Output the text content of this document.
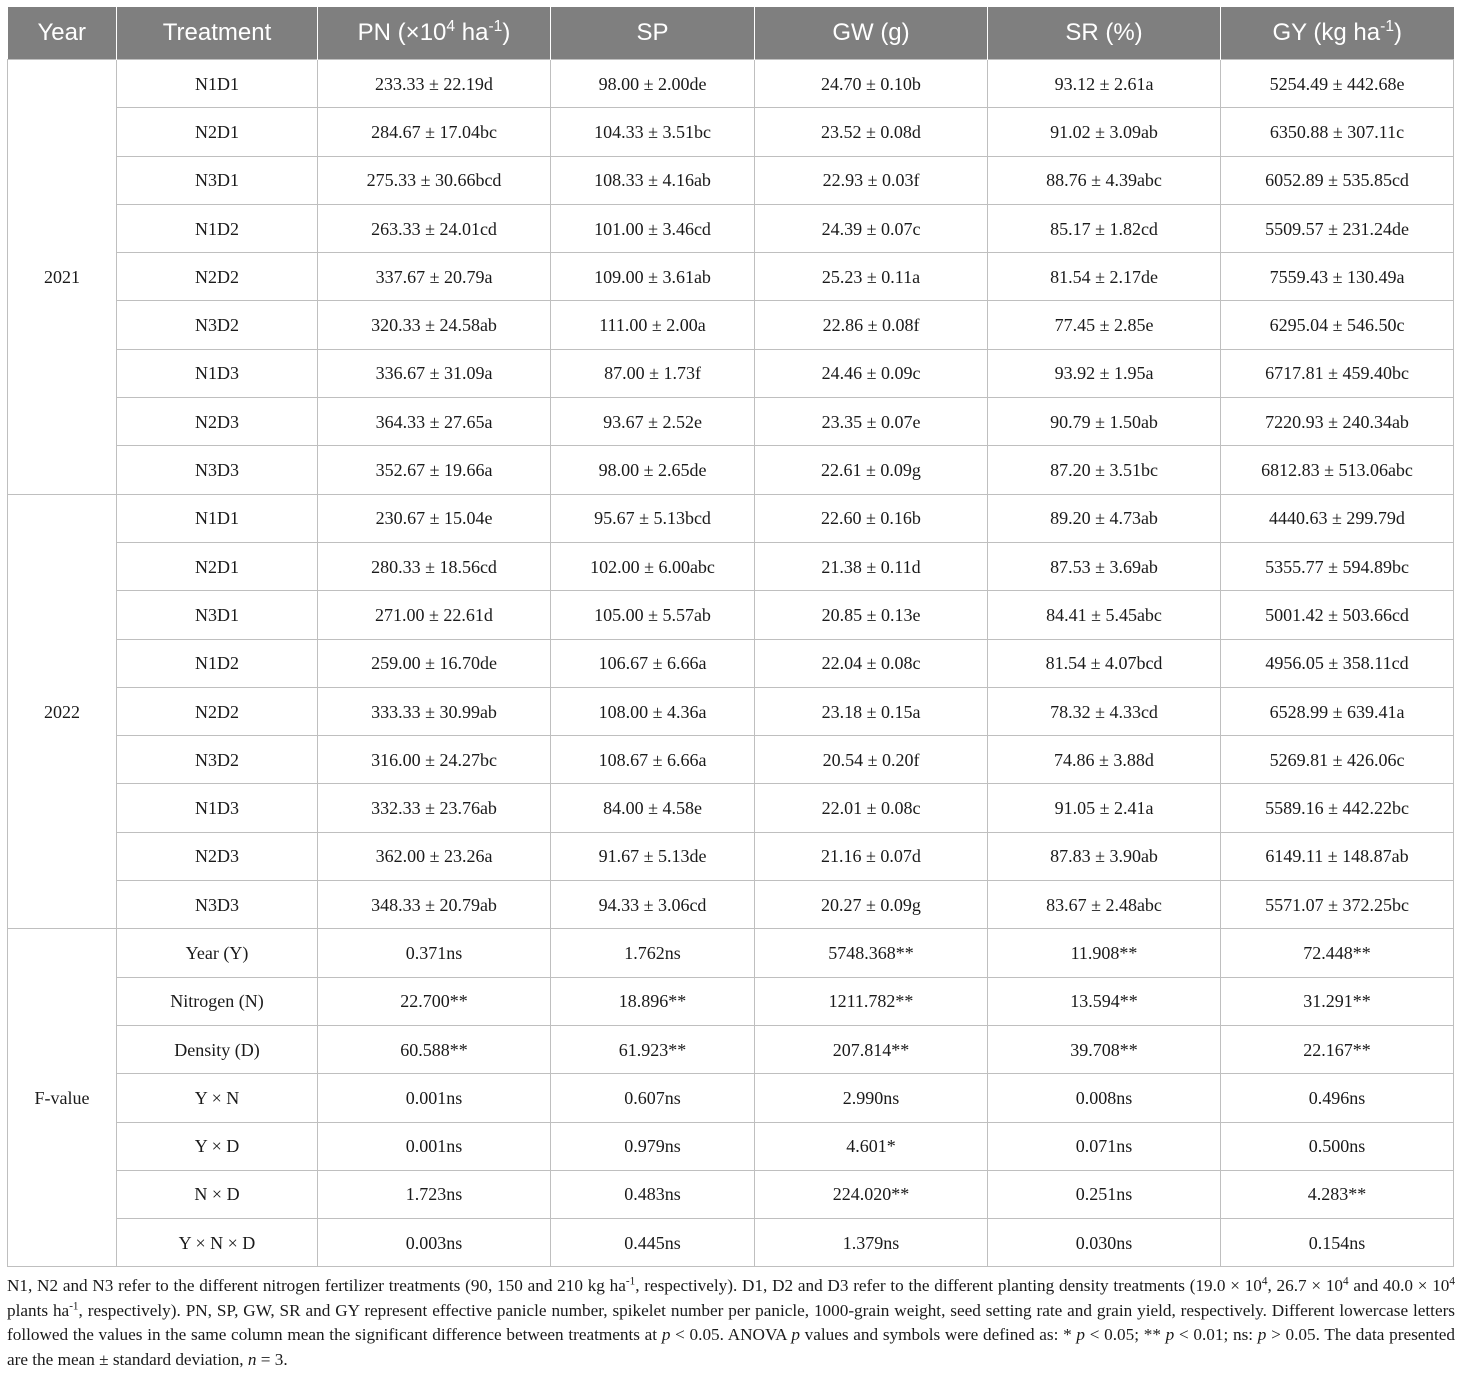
Year	Treatment	PN ($\times 10^4$ $ha^{-1}$)	SP	GW (g)	SR (%)	GY (kg $ha^{-1}$)
2021	N1D1	233.33 ± 22.19d	98.00 ± 2.00de	24.70 ± 0.10b	93.12 ± 2.61a	5254.49 ± 442.68e
	N2D1	284.67 ± 17.04bc	104.33 ± 3.51bc	23.52 ± 0.08d	91.02 ± 3.09ab	6350.88 ± 307.11c
	N3D1	275.33 ± 30.66bcd	108.33 ± 4.16ab	22.93 ± 0.03f	88.76 ± 4.39abc	6052.89 ± 535.85cd
	N1D2	263.33 ± 24.01cd	101.00 ± 3.46cd	24.39 ± 0.07c	85.17 ± 1.82cd	5509.57 ± 231.24de
	N2D2	337.67 ± 20.79a	109.00 ± 3.61ab	25.23 ± 0.11a	81.54 ± 2.17de	7559.43 ± 130.49a
	N3D2	320.33 ± 24.58ab	111.00 ± 2.00a	22.86 ± 0.08f	77.45 ± 2.85e	6295.04 ± 546.50c
	N1D3	336.67 ± 31.09a	87.00 ± 1.73f	24.46 ± 0.09c	93.92 ± 1.95a	6717.81 ± 459.40bc
	N2D3	364.33 ± 27.65a	93.67 ± 2.52e	23.35 ± 0.07e	90.79 ± 1.50ab	7220.93 ± 240.34ab
	N3D3	352.67 ± 19.66a	98.00 ± 2.65de	22.61 ± 0.09g	87.20 ± 3.51bc	6812.83 ± 513.06abc
2022	N1D1	230.67 ± 15.04e	95.67 ± 5.13bcd	22.60 ± 0.16b	89.20 ± 4.73ab	4440.63 ± 299.79d
	N2D1	280.33 ± 18.56cd	102.00 ± 6.00abc	21.38 ± 0.11d	87.53 ± 3.69ab	5355.77 ± 594.89bc
	N3D1	271.00 ± 22.61d	105.00 ± 5.57ab	20.85 ± 0.13e	84.41 ± 5.45abc	5001.42 ± 503.66cd
	N1D2	259.00 ± 16.70de	106.67 ± 6.66a	22.04 ± 0.08c	81.54 ± 4.07bcd	4956.05 ± 358.11cd
	N2D2	333.33 ± 30.99ab	108.00 ± 4.36a	23.18 ± 0.15a	78.32 ± 4.33cd	6528.99 ± 639.41a
	N3D2	316.00 ± 24.27bc	108.67 ± 6.66a	20.54 ± 0.20f	74.86 ± 3.88d	5269.81 ± 426.06c
	N1D3	332.33 ± 23.76ab	84.00 ± 4.58e	22.01 ± 0.08c	91.05 ± 2.41a	5589.16 ± 442.22bc
	N2D3	362.00 ± 23.26a	91.67 ± 5.13de	21.16 ± 0.07d	87.83 ± 3.90ab	6149.11 ± 148.87ab
	N3D3	348.33 ± 20.79ab	94.33 ± 3.06cd	20.27 ± 0.09g	83.67 ± 2.48abc	5571.07 ± 372.25bc
F-value	Year (Y)	0.371ns	1.762ns	5748.368**	11.908**	72.448**
	Nitrogen (N)	22.700**	18.896**	1211.782**	13.594**	31.291**
	Density (D)	60.588**	61.923**	207.814**	39.708**	22.167**
	Y × N	0.001ns	0.607ns	2.990ns	0.008ns	0.496ns
	Y × D	0.001ns	0.979ns	4.601*	0.071ns	0.500ns
	N × D	1.723ns	0.483ns	224.020**	0.251ns	4.283**
	Y × N × D	0.003ns	0.445ns	1.379ns	0.030ns	0.154ns
N1, N2 and N3 refer to the different nitrogen fertilizer treatments (90, 150 and 210 kg $ha^{-1}$, respectively). D1, D2 and D3 refer to the different planting density treatments ($19.0 \times 10^4$, $26.7 \times 10^4$ and $40.0 \times 10^4$ plants $ha^{-1}$, respectively). PN, SP, GW, SR and GY represent effective panicle number, spikelet number per panicle, 1000-grain weight, seed setting rate and grain yield, respectively. Different lowercase letters followed the values in the same column mean the significant difference between treatments at p < 0.05. ANOVA p values and symbols were defined as: * p < 0.05; ** p < 0.01; ns: p > 0.05. The data presented are the mean ± standard deviation, n = 3.
